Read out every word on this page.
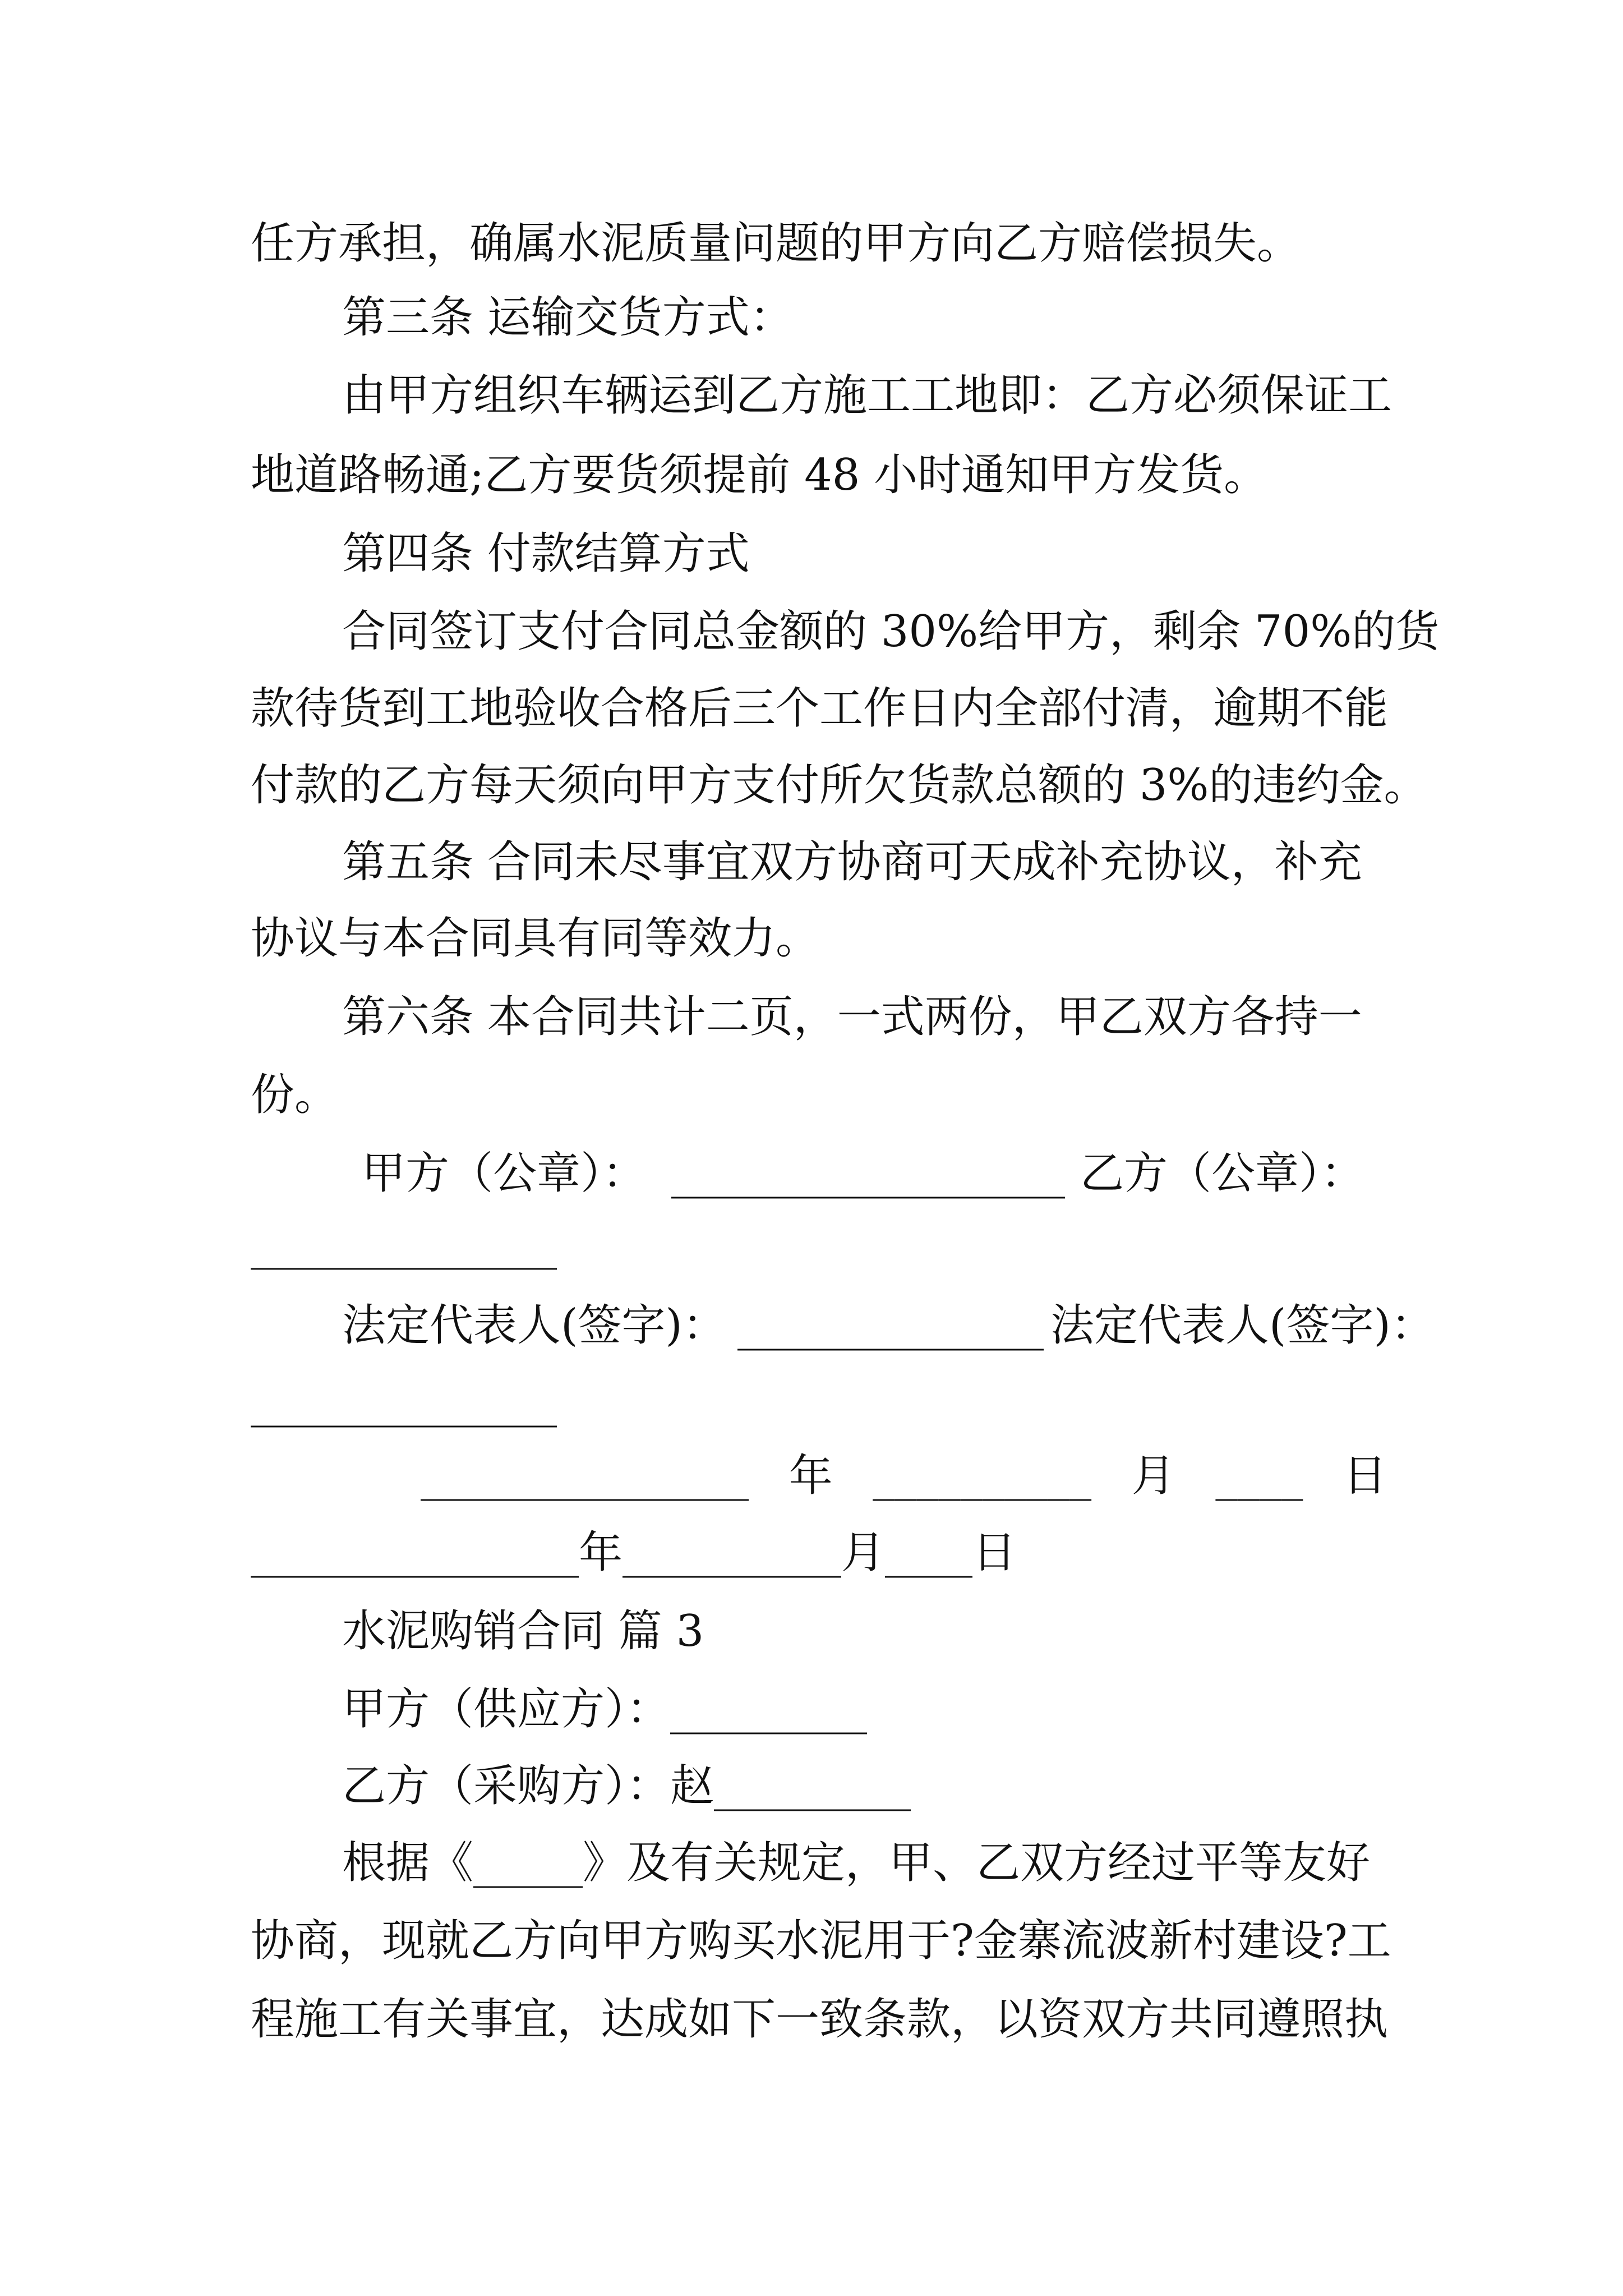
任方承担，确属水泥质量问题的甲方向乙方赔偿损失。
第三条 运输交货方式：
由甲方组织车辆运到乙方施工工地即：乙方必须保证工
地道路畅通;乙方要货须提前 48 小时通知甲方发货。
第四条 付款结算方式
合同签订支付合同总金额的 30%给甲方，剩余 70%的货
款待货到工地验收合格后三个工作日内全部付清，逾期不能
付款的乙方每天须向甲方支付所欠货款总额的 3%的违约金。
第五条 合同未尽事宜双方协商可天成补充协议，补充
协议与本合同具有同等效力。
第六条 本合同共计二页，一式两份，甲乙双方各持一
份。
甲方（公章）： __________________ 乙方（公章）：
______________
法定代表人(签字)： ______________ 法定代表人(签字)：
______________
_______________ 年 __________ 月 ____ 日
_______________年__________月____日
水泥购销合同 篇 3
甲方（供应方）：_________
乙方（采购方）：赵_________
根据《_____》及有关规定，甲、乙双方经过平等友好
协商，现就乙方向甲方购买水泥用于?金寨流波新村建设?工
程施工有关事宜，达成如下一致条款，以资双方共同遵照执
